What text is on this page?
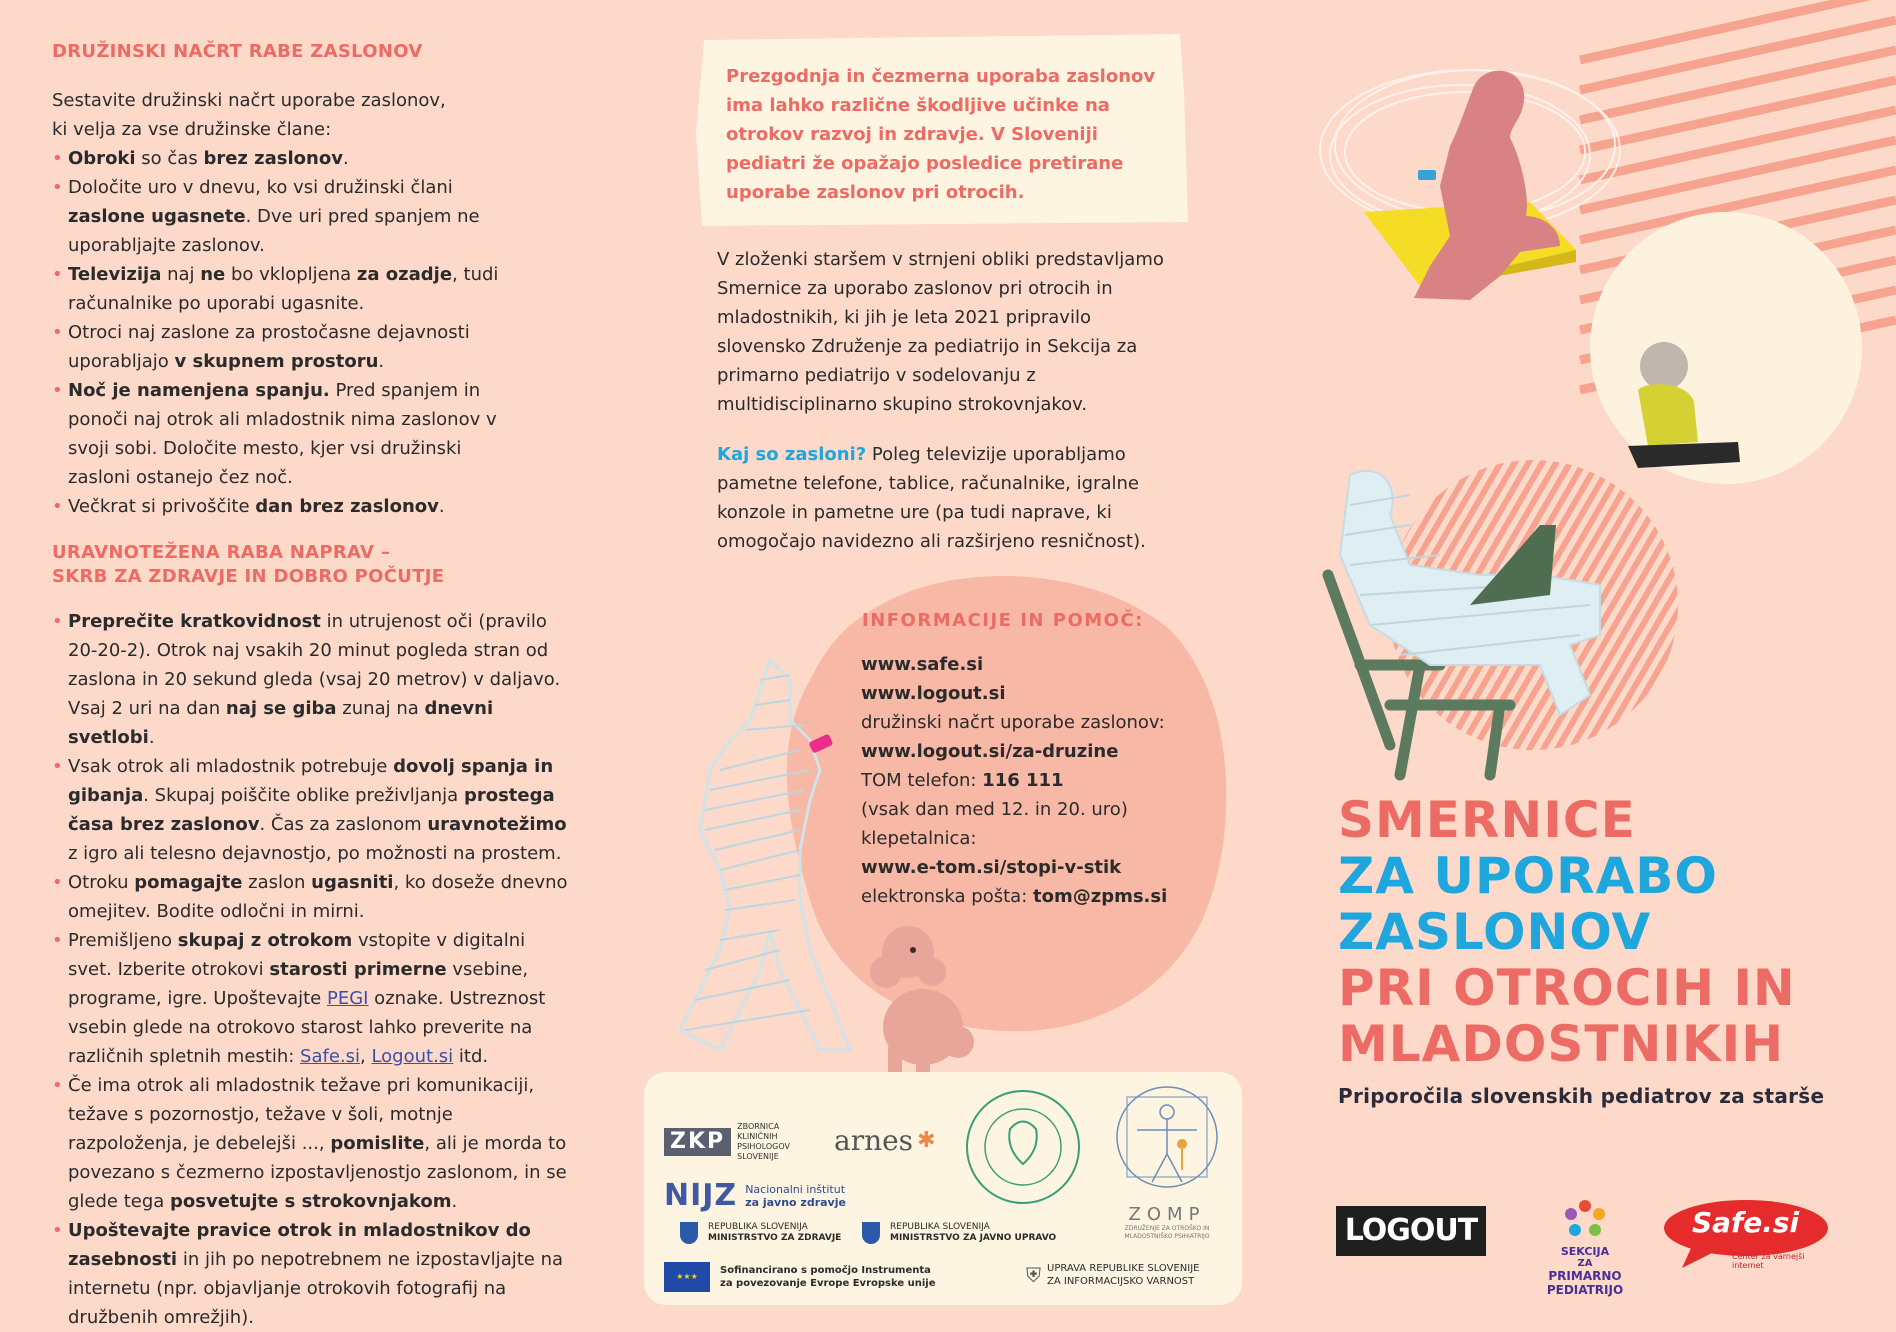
DRUŽINSKI NAČRT RABE ZASLONOV
Sestavite družinski načrt uporabe zaslonov,
ki velja za vse družinske člane:
• Obroki so čas brez zaslonov.
• Določite uro v dnevu, ko vsi družinski člani zaslone ugasnete. Dve uri pred spanjem ne uporabljajte zaslonov.
• Televizija naj ne bo vklopljena za ozadje, tudi računalnike po uporabi ugasnite.
• Otroci naj zaslone za prostočasne dejavnosti uporabljajo v skupnem prostoru.
• Noč je namenjena spanju. Pred spanjem in ponoči naj otrok ali mladostnik nima zaslonov v svoji sobi. Določite mesto, kjer vsi družinski zasloni ostanejo čez noč.
• Večkrat si privoščite dan brez zaslonov.
URAVNOTEŽENA RABA NAPRAV –
SKRB ZA ZDRAVJE IN DOBRO POČUTJE
• Preprečite kratkovidnost in utrujenost oči (pravilo 20-20-2). Otrok naj vsakih 20 minut pogleda stran od zaslona in 20 sekund gleda (vsaj 20 metrov) v daljavo. Vsaj 2 uri na dan naj se giba zunaj na dnevni svetlobi.
• Vsak otrok ali mladostnik potrebuje dovolj spanja in gibanja. Skupaj poiščite oblike preživljanja prostega časa brez zaslonov. Čas za zaslonom uravnotežimo z igro ali telesno dejavnostjo, po možnosti na prostem.
• Otroku pomagajte zaslon ugasniti, ko doseže dnevno omejitev. Bodite odločni in mirni.
• Premišljeno skupaj z otrokom vstopite v digitalni svet. Izberite otrokovi starosti primerne vsebine, programe, igre. Upoštevajte PEGI oznake. Ustreznost vsebin glede na otrokovo starost lahko preverite na različnih spletnih mestih: Safe.si, Logout.si itd.
• Če ima otrok ali mladostnik težave pri komunikaciji, težave s pozornostjo, težave v šoli, motnje razpoloženja, je debelejši ..., pomislite, ali je morda to povezano s čezmerno izpostavljenostjo zaslonom, in se glede tega posvetujte s strokovnjakom.
• Upoštevajte pravice otrok in mladostnikov do zasebnosti in jih po nepotrebnem ne izpostavljajte na internetu (npr. objavljanje otrokovih fotografij na družbenih omrežjih).
Prezgodnja in čezmerna uporaba zaslonov ima lahko različne škodljive učinke na otrokov razvoj in zdravje. V Sloveniji pediatri že opažajo posledice pretirane uporabe zaslonov pri otrocih.
V zloženki staršem v strnjeni obliki predstavljamo Smernice za uporabo zaslonov pri otrocih in mladostnikih, ki jih je leta 2021 pripravilo slovensko Združenje za pediatrijo in Sekcija za primarno pediatrijo v sodelovanju z multidisciplinarno skupino strokovnjakov.
Kaj so zasloni? Poleg televizije uporabljamo pametne telefone, tablice, računalnike, igralne konzole in pametne ure (pa tudi naprave, ki omogočajo navidezno ali razširjeno resničnost).
INFORMACIJE IN POMOČ:
www.safe.si
www.logout.si
družinski načrt uporabe zaslonov:
www.logout.si/za-druzine
TOM telefon: 116 111
(vsak dan med 12. in 20. uro)
klepetalnica:
www.e-tom.si/stopi-v-stik
elektronska pošta: tom@zpms.si
ZKP
ZBORNICA KLINIČNIH PSIHOLOGOV SLOVENIJE	arnes ✱
NIJZ Nacionalni inštitut
za javno zdravje
ZOMP
ZDRUŽENJE ZA OTROŠKO IN MLADOSTNIŠKO PSIHIATRIJO
REPUBLIKA SLOVENIJA
MINISTRSTVO ZA ZDRAVJE
REPUBLIKA SLOVENIJA
MINISTRSTVO ZA JAVNO UPRAVO
★★★
Sofinancirano s pomočjo Instrumenta
za povezovanje Evrope Evropske unije	⛨ UPRAVA REPUBLIKE SLOVENIJE
ZA INFORMACIJSKO VARNOST
SMERNICE
ZA UPORABO
ZASLONOV
PRI OTROCIH IN
MLADOSTNIKIH
Priporočila slovenskih pediatrov za starše
LOGOUT
SEKCIJA
ZA
PRIMARNO PEDIATRIJO
Safe.si
Center za varnejši internet
